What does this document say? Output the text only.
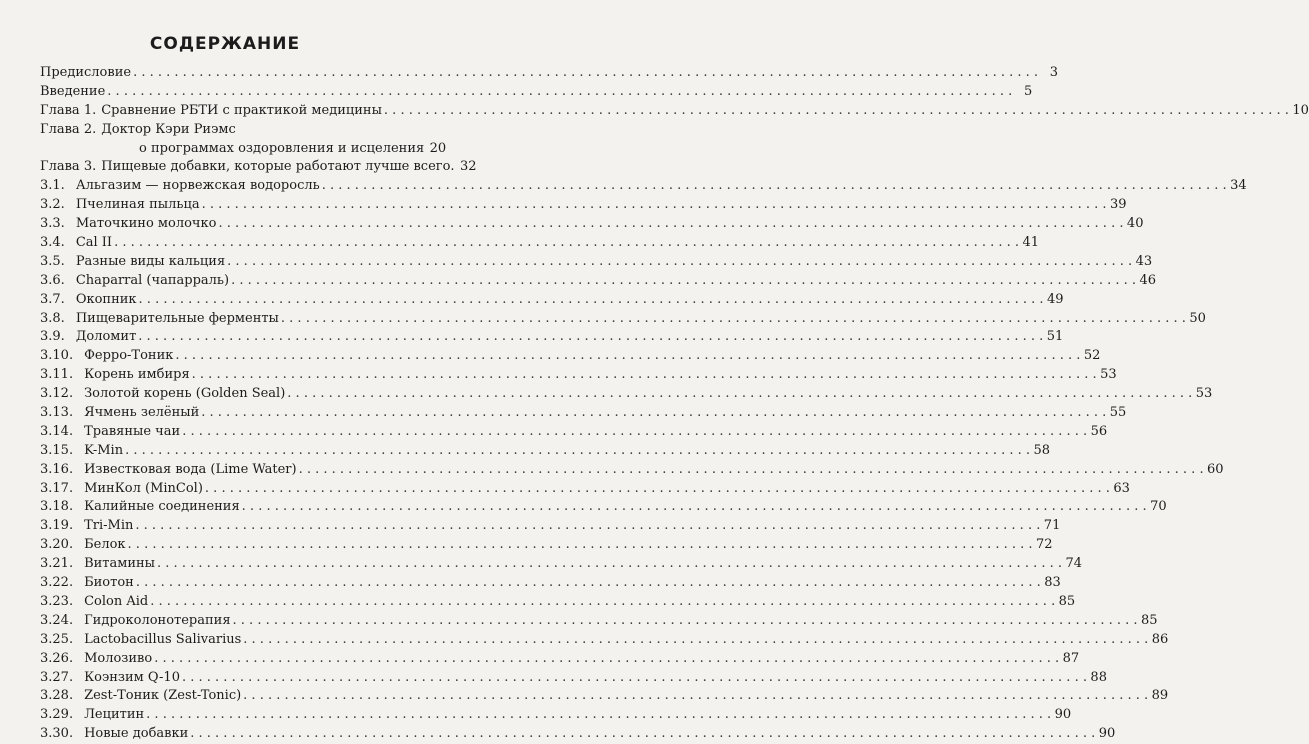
СОДЕРЖАНИЕ
Предисловие . . .	3
Введение . . .	5
Глава 1. Сравнение РБТИ с практикой медицины . . .	10
Глава 2. Доктор Кэри Риэмс
о программах оздоровления и исцеления 20
Глава 3. Пищевые добавки, которые работают лучше всего. 32
3.1. Альгазим — норвежская водоросль . . .	34
3.2. Пчелиная пыльца . . .	39
3.3. Маточкино молочко . . .	40
3.4. Cal II . . .	41
3.5. Разные виды кальция . . .	43
3.6. Chaparral (чапарраль) . . .	46
3.7. Окопник . . .	49
3.8. Пищеварительные ферменты . . .	50
3.9. Доломит . . .	51
3.10. Ферро-Тоник . . .	52
3.11. Корень имбиря . . .	53
3.12. Золотой корень (Golden Seal) . . .	53
3.13. Ячмень зелёный . . .	55
3.14. Травяные чаи . . .	56
3.15. K-Min . . .	58
3.16. Известковая вода (Lime Water) . . .	60
3.17. МинКол (MinCol) . . .	63
3.18. Калийные соединения . . .	70
3.19. Tri-Min . . .	71
3.20. Белок . . .	72
3.21. Витамины . . .	74
3.22. Биотон . . .	83
3.23. Colon Aid . . .	85
3.24. Гидроколонотерапия . . .	85
3.25. Lactobacillus Salivarius . . .	86
3.26. Молозиво . . .	87
3.27. Коэнзим Q-10 . . .	88
3.28. Zest-Тоник (Zest-Tonic) . . .	89
3.29. Лецитин . . .	90
3.30. Новые добавки . . .	90
